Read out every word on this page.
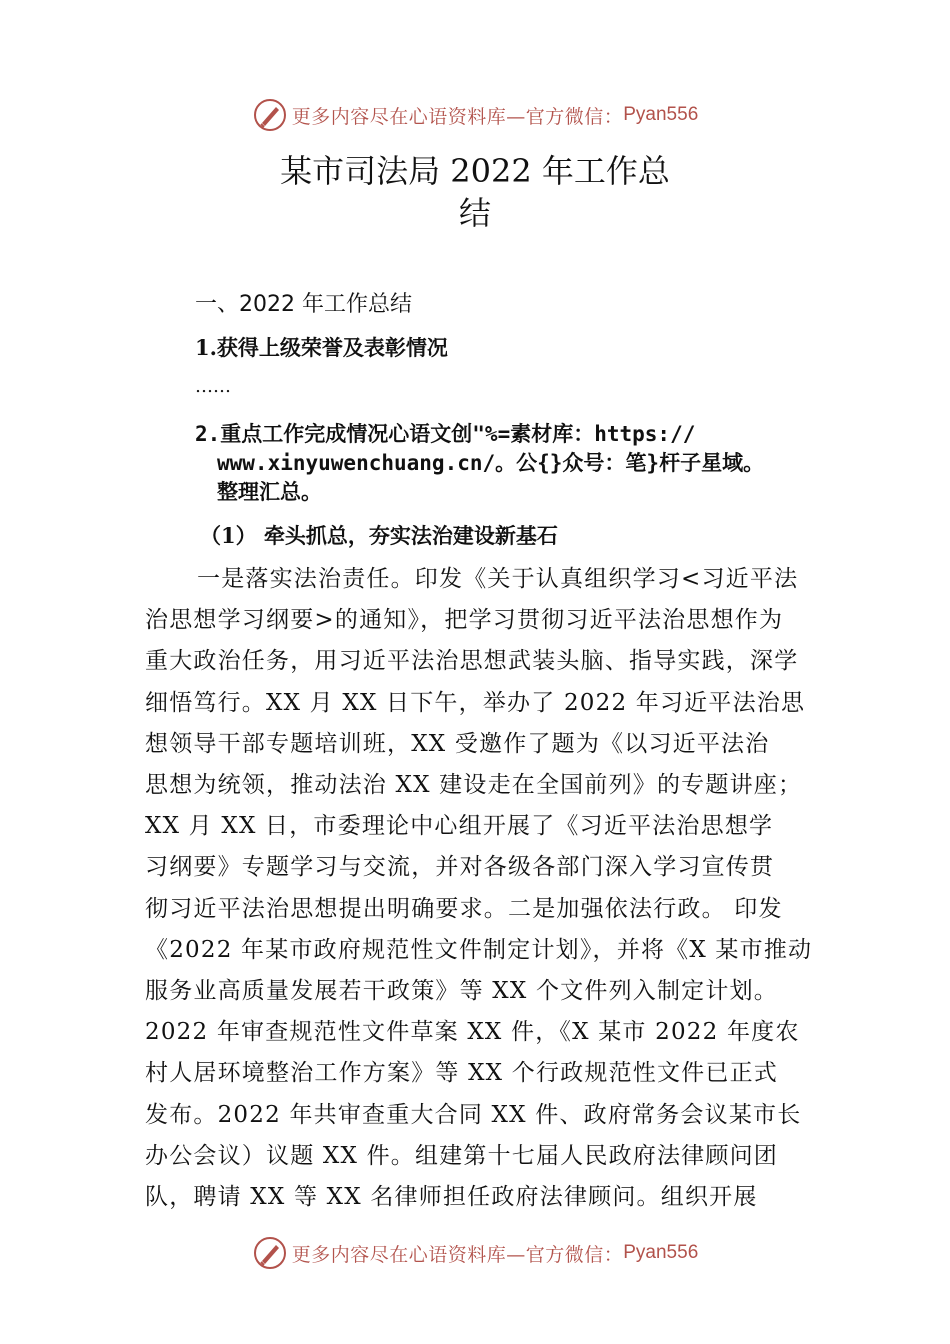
更多内容尽在心语资料库—官方微信： Pyan556
某市司法局 2022 年工作总
结
一、2022 年工作总结
1.获得上级荣誉及表彰情况
……
2.重点工作完成情况心语文创"%=素材库：https://
www.xinyuwenchuang.cn/。公{}众号：笔}杆子星域。
整理汇总。
（1） 牵头抓总，夯实法治建设新基石
一是落实法治责任。印发《关于认真组织学习<习近平法
治思想学习纲要>的通知》，把学习贯彻习近平法治思想作为
重大政治任务，用习近平法治思想武装头脑、指导实践，深学
细悟笃行。XX 月 XX 日下午，举办了 2022 年习近平法治思
想领导干部专题培训班，XX 受邀作了题为《以习近平法治
思想为统领，推动法治 XX 建设走在全国前列》的专题讲座；
XX 月 XX 日，市委理论中心组开展了《习近平法治思想学
习纲要》专题学习与交流，并对各级各部门深入学习宣传贯
彻习近平法治思想提出明确要求。二是加强依法行政。 印发
《2022 年某市政府规范性文件制定计划》，并将《X 某市推动
服务业高质量发展若干政策》等 XX 个文件列入制定计划。
2022 年审查规范性文件草案 XX 件，《X 某市 2022 年度农
村人居环境整治工作方案》等 XX 个行政规范性文件已正式
发布。2022 年共审查重大合同 XX 件、政府常务会议某市长
办公会议）议题 XX 件。组建第十七届人民政府法律顾问团
队，聘请 XX 等 XX 名律师担任政府法律顾问。组织开展
更多内容尽在心语资料库—官方微信： Pyan556
